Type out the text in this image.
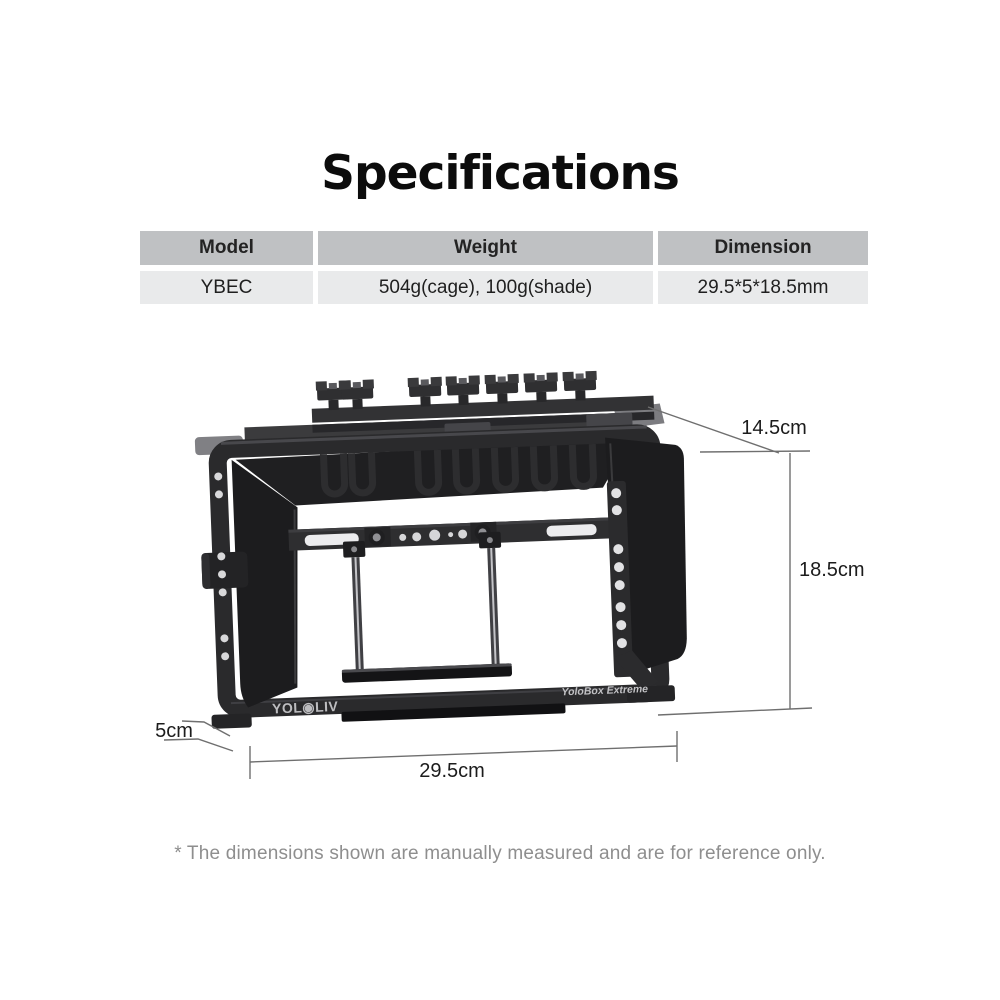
Specifications
Model	Weight	Dimension
YBEC	504g(cage), 100g(shade)	29.5*5*18.5mm
YOL◉LIV
YoloBox Extreme
14.5cm
18.5cm
5cm
29.5cm
* The dimensions shown are manually measured and are for reference only.
